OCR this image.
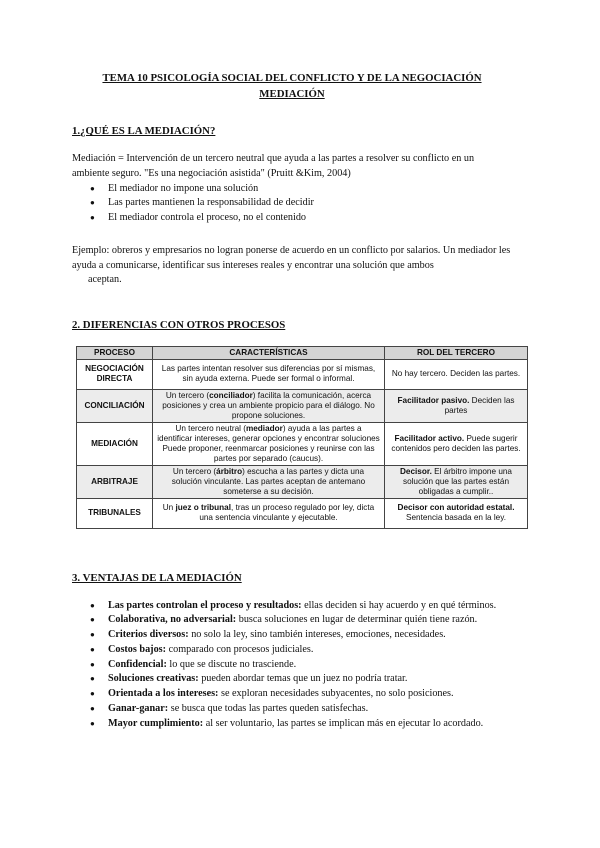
TEMA 10 PSICOLOGÍA SOCIAL DEL CONFLICTO Y DE LA NEGOCIACIÓN
MEDIACIÓN
1.¿QUÉ ES LA MEDIACIÓN?

Mediación = Intervención de un tercero neutral que ayuda a las partes a resolver su conflicto en un ambiente seguro. "Es una negociación asistida" (Pruitt &Kim, 2004)

● El mediador no impone una solución
● Las partes mantienen la responsabilidad de decidir
● El mediador controla el proceso, no el contenido

Ejemplo: obreros y empresarios no logran ponerse de acuerdo en un conflicto por salarios. Un mediador les ayuda a comunicarse, identificar sus intereses reales y encontrar una solución que ambos

aceptan.

2. DIFERENCIAS CON OTROS PROCESOS
PROCESO	CARACTERÍSTICAS	ROL DEL TERCERO
NEGOCIACIÓN DIRECTA	Las partes intentan resolver sus diferencias por sí mismas, sin ayuda externa. Puede ser formal o informal.	No hay tercero. Deciden las partes.
CONCILIACIÓN	Un tercero (conciliador) facilita la comunicación, acerca posiciones y crea un ambiente propicio para el diálogo. No propone soluciones.	Facilitador pasivo. Deciden las partes
MEDIACIÓN	Un tercero neutral (mediador) ayuda a las partes a identificar intereses, generar opciones y encontrar soluciones Puede proponer, reenmarcar posiciones y reunirse con las partes por separado (caucus).	Facilitador activo. Puede sugerir contenidos pero deciden las partes.
ARBITRAJE	Un tercero (árbitro) escucha a las partes y dicta una solución vinculante. Las partes aceptan de antemano someterse a su decisión.	Decisor. El árbitro impone una solución que las partes están obligadas a cumplir..
TRIBUNALES	Un juez o tribunal, tras un proceso regulado por ley, dicta una sentencia vinculante y ejecutable.	Decisor con autoridad estatal. Sentencia basada en la ley.
3. VENTAJAS DE LA MEDIACIÓN
● Las partes controlan el proceso y resultados: ellas deciden si hay acuerdo y en qué términos.
● Colaborativa, no adversarial: busca soluciones en lugar de determinar quién tiene razón.
● Criterios diversos: no solo la ley, sino también intereses, emociones, necesidades.
● Costos bajos: comparado con procesos judiciales.
● Confidencial: lo que se discute no trasciende.
● Soluciones creativas: pueden abordar temas que un juez no podría tratar.
● Orientada a los intereses: se exploran necesidades subyacentes, no solo posiciones.
● Ganar-ganar: se busca que todas las partes queden satisfechas.
● Mayor cumplimiento: al ser voluntario, las partes se implican más en ejecutar lo acordado.
